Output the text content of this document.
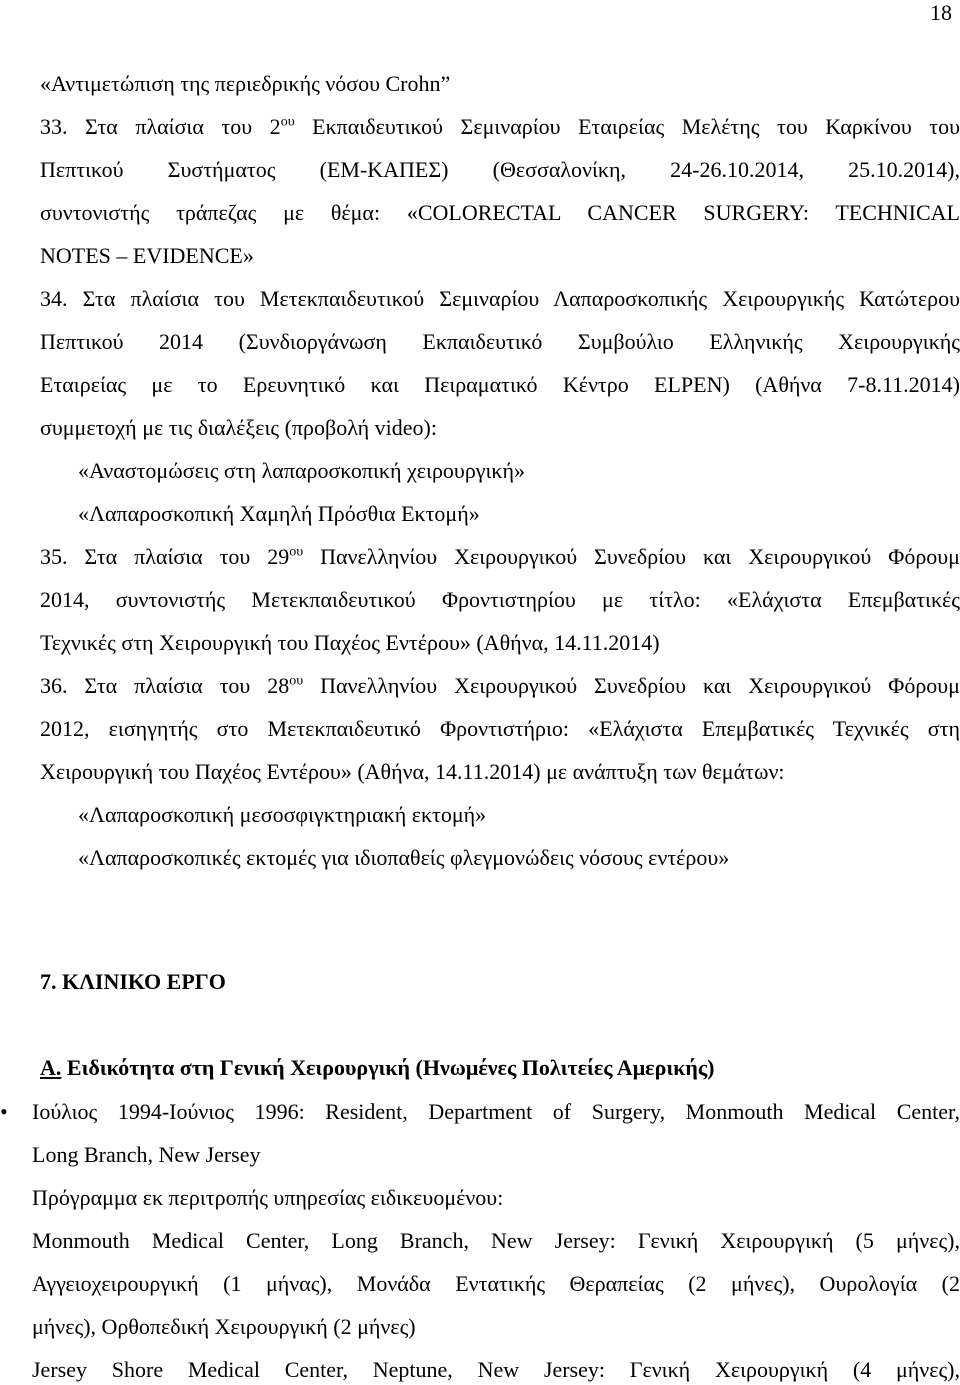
18
«Αντιμετώπιση της περιεδρικής νόσου Crohn”
33. Στα πλαίσια του $2^{o\upsilon}$ Εκπαιδευτικού Σεμιναρίου Εταιρείας Μελέτης του Καρκίνου του
Πεπτικού Συστήματος (ΕΜ-ΚΑΠΕΣ) (Θεσσαλονίκη, 24-26.10.2014, 25.10.2014),
συντονιστής τράπεζας με θέμα: «COLORECTAL CANCER SURGERY: TECHNICAL
NOTES – EVIDENCE»
34. Στα πλαίσια του Μετεκπαιδευτικού Σεμιναρίου Λαπαροσκοπικής Χειρουργικής Κατώτερου
Πεπτικού 2014 (Συνδιοργάνωση Εκπαιδευτικό Συμβούλιο Ελληνικής Χειρουργικής
Εταιρείας με το Ερευνητικό και Πειραματικό Κέντρο ELPEN) (Αθήνα 7-8.11.2014)
συμμετοχή με τις διαλέξεις (προβολή video):
«Αναστομώσεις στη λαπαροσκοπική χειρουργική»
«Λαπαροσκοπική Χαμηλή Πρόσθια Εκτομή»
35. Στα πλαίσια του $29^{o\upsilon}$ Πανελληνίου Χειρουργικού Συνεδρίου και Χειρουργικού Φόρουμ
2014, συντονιστής Μετεκπαιδευτικού Φροντιστηρίου με τίτλο: «Ελάχιστα Επεμβατικές
Τεχνικές στη Χειρουργική του Παχέος Εντέρου» (Αθήνα, 14.11.2014)
36. Στα πλαίσια του $28^{o\upsilon}$ Πανελληνίου Χειρουργικού Συνεδρίου και Χειρουργικού Φόρουμ
2012, εισηγητής στο Μετεκπαιδευτικό Φροντιστήριο: «Ελάχιστα Επεμβατικές Τεχνικές στη
Χειρουργική του Παχέος Εντέρου» (Αθήνα, 14.11.2014) με ανάπτυξη των θεμάτων:
«Λαπαροσκοπική μεσοσφιγκτηριακή εκτομή»
«Λαπαροσκοπικές εκτομές για ιδιοπαθείς φλεγμονώδεις νόσους εντέρου»
7. ΚΛΙΝΙΚΟ ΕΡΓΟ
Α. Ειδικότητα στη Γενική Χειρουργική (Ηνωμένες Πολιτείες Αμερικής)
• Ιούλιος 1994-Ιούνιος 1996: Resident, Department of Surgery, Monmouth Medical Center,
Long Branch, New Jersey
Πρόγραμμα εκ περιτροπής υπηρεσίας ειδικευομένου:
Monmouth Medical Center, Long Branch, New Jersey: Γενική Χειρουργική (5 μήνες),
Αγγειοχειρουργική (1 μήνας), Μονάδα Εντατικής Θεραπείας (2 μήνες), Ουρολογία (2
μήνες), Ορθοπεδική Χειρουργική (2 μήνες)
Jersey Shore Medical Center, Neptune, New Jersey: Γενική Χειρουργική (4 μήνες),
